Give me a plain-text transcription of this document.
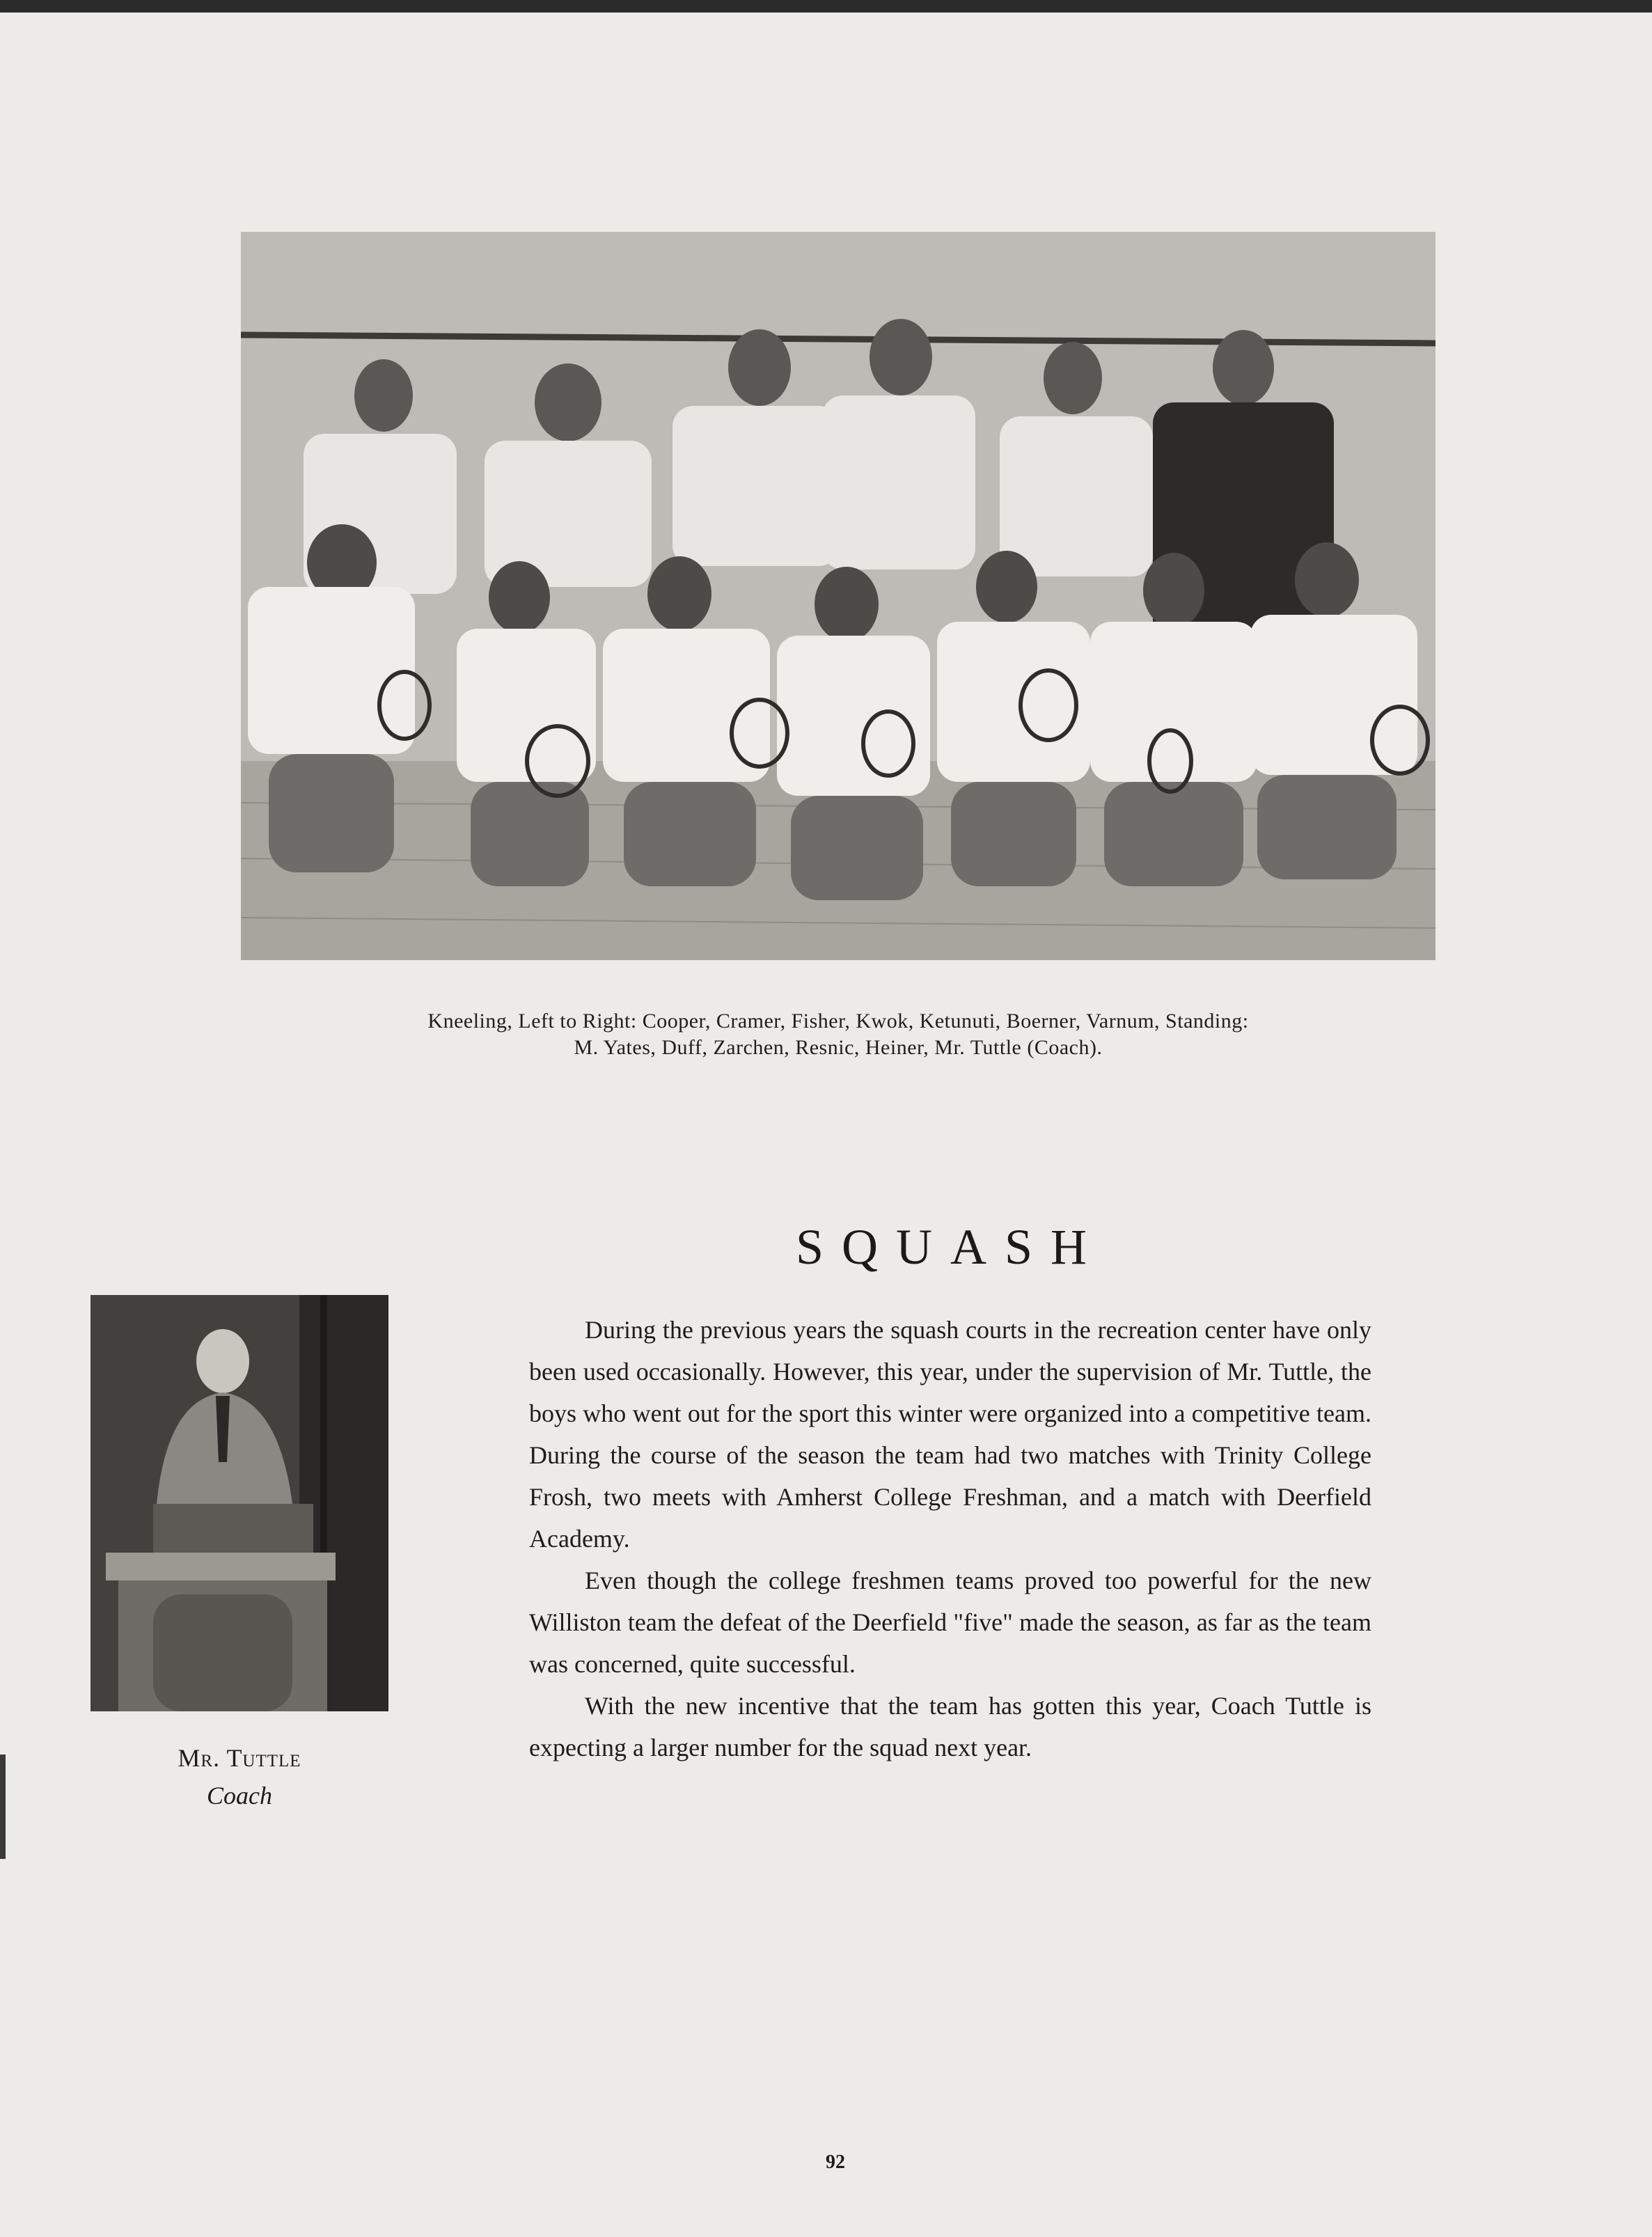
Kneeling, Left to Right: Cooper, Cramer, Fisher, Kwok, Ketunuti, Boerner, Varnum, Standing:
M. Yates, Duff, Zarchen, Resnic, Heiner, Mr. Tuttle (Coach).
SQUASH
Mr. Tuttle
Coach

During the previous years the squash courts in the recreation center have only been used occasionally. However, this year, under the supervision of Mr. Tuttle, the boys who went out for the sport this winter were organized into a competitive team. During the course of the season the team had two matches with Trinity College Frosh, two meets with Amherst College Freshman, and a match with Deerfield Academy.

Even though the college freshmen teams proved too powerful for the new Williston team the defeat of the Deerfield "five" made the season, as far as the team was concerned, quite successful.

With the new incentive that the team has gotten this year, Coach Tuttle is expecting a larger number for the squad next year.

92
